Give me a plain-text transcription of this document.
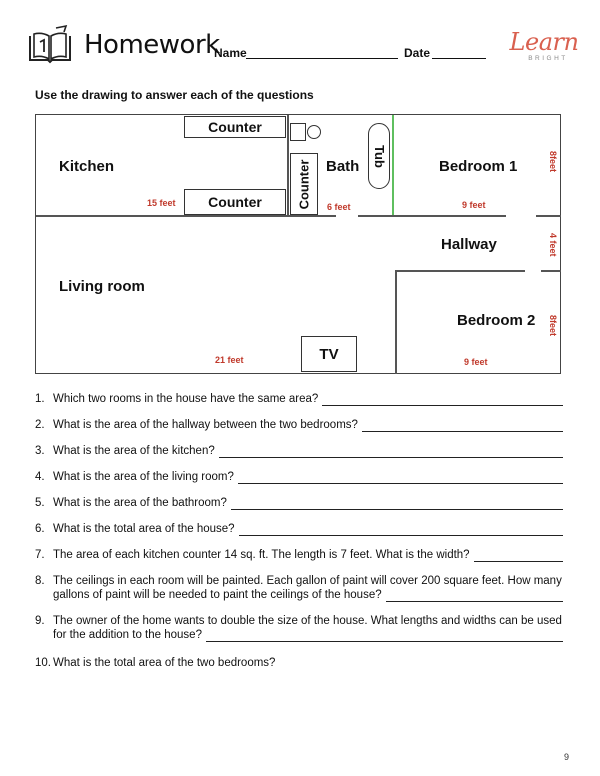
Homework
Name	Date	Learn
BRIGHT
Use the drawing to answer each of the questions
Counter
Counter	Counter
Tub
TV
Kitchen	Bath	Bedroom 1
Hallway
Living room
Bedroom 2
15 feet	6 feet	9 feet
8feet
4 feet
8feet
21 feet	9 feet
1. Which two rooms in the house have the same area?
2. What is the area of the hallway between the two bedrooms?
3. What is the area of the kitchen?
4. What is the area of the living room?
5. What is the area of the bathroom?
6. What is the total area of the house?
7. The area of each kitchen counter 14 sq. ft. The length is 7 feet. What is the width?
8. The ceilings in each room will be painted. Each gallon of paint will cover 200 square feet. How many
gallons of paint will be needed to paint the ceilings of the house?
9. The owner of the home wants to double the size of the house. What lengths and widths can be used
for the addition to the house?
10. What is the total area of the two bedrooms?
9
